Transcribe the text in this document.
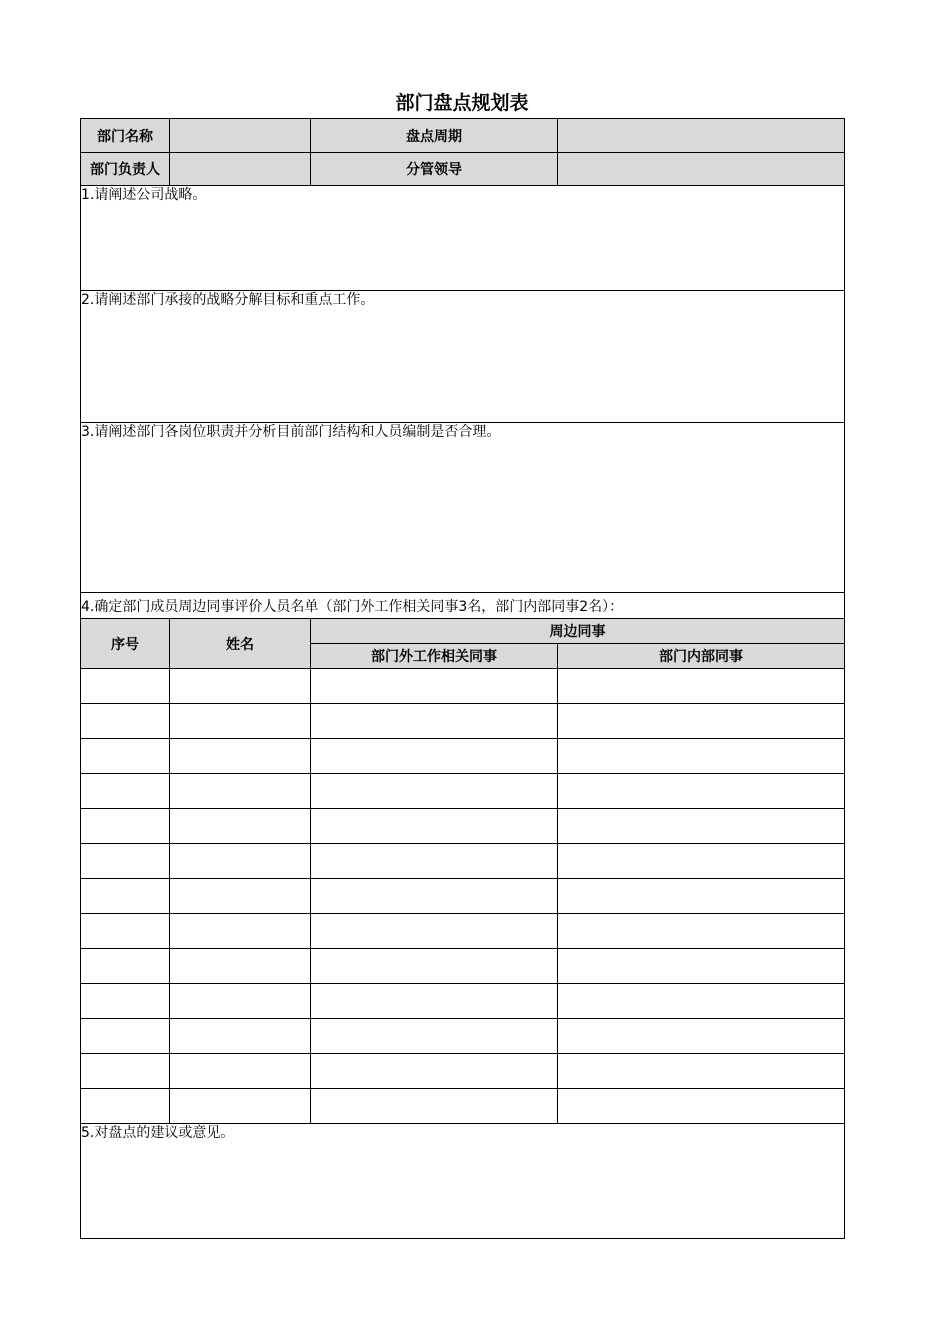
部门盘点规划表
部门名称		盘点周期	
部门负责人		分管领导	
1.请阐述公司战略。			
2.请阐述部门承接的战略分解目标和重点工作。			
3.请阐述部门各岗位职责并分析目前部门结构和人员编制是否合理。			
4.确定部门成员周边同事评价人员名单（部门外工作相关同事3名，部门内部同事2名）：			
序号	姓名	周边同事	
		部门外工作相关同事	部门内部同事

5.对盘点的建议或意见。			
